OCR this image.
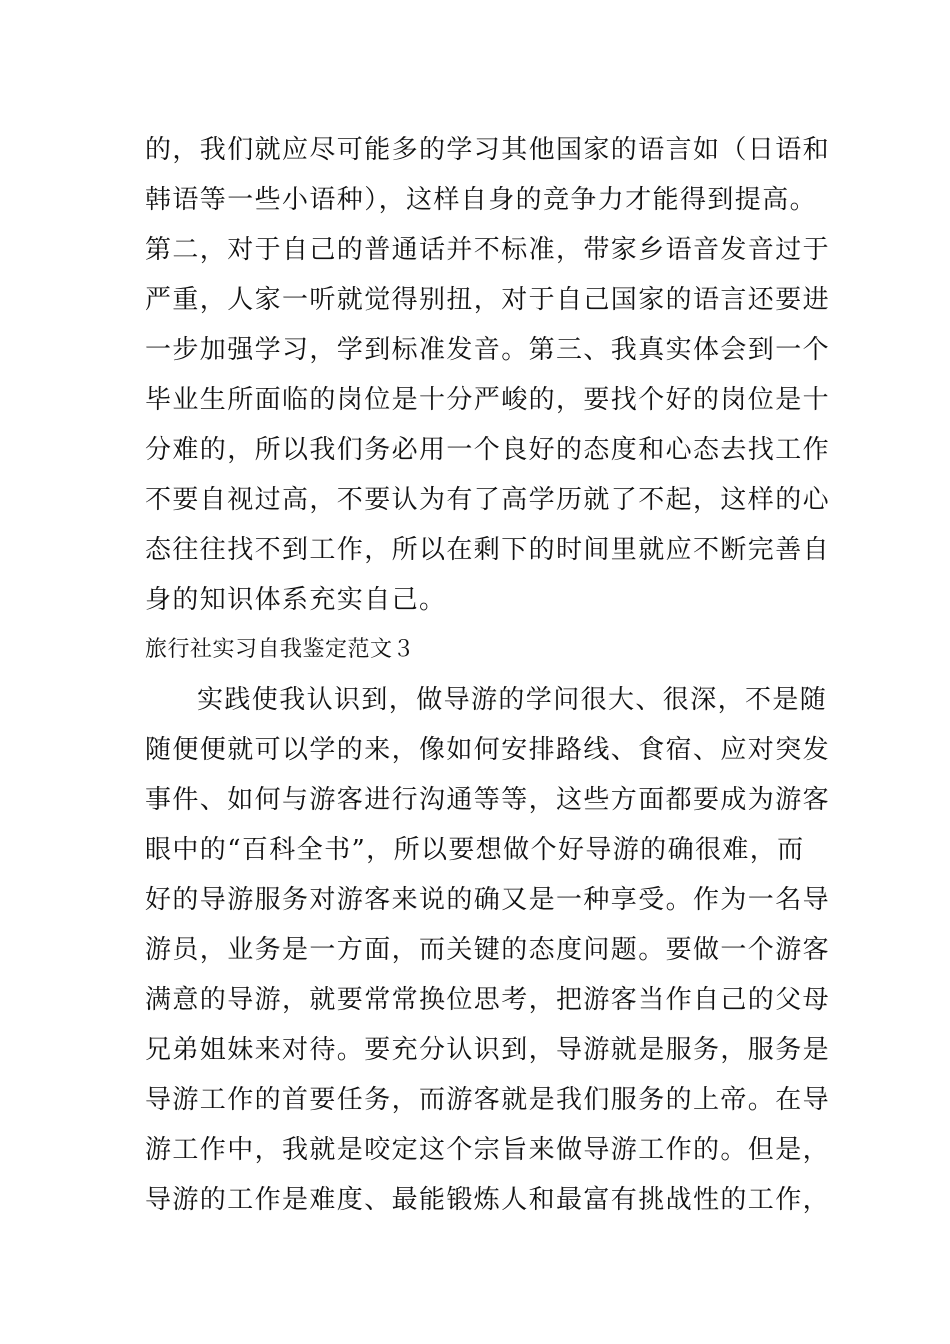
的，我们就应尽可能多的学习其他国家的语言如（日语和
韩语等一些小语种），这样自身的竞争力才能得到提高。
第二，对于自己的普通话并不标准，带家乡语音发音过于
严重，人家一听就觉得别扭，对于自己国家的语言还要进
一步加强学习，学到标准发音。第三、我真实体会到一个
毕业生所面临的岗位是十分严峻的，要找个好的岗位是十
分难的，所以我们务必用一个良好的态度和心态去找工作
不要自视过高，不要认为有了高学历就了不起，这样的心
态往往找不到工作，所以在剩下的时间里就应不断完善自
身的知识体系充实自己。
旅行社实习自我鉴定范文３
实践使我认识到，做导游的学问很大、很深，不是随
随便便就可以学的来，像如何安排路线、食宿、应对突发
事件、如何与游客进行沟通等等，这些方面都要成为游客
眼中的“百科全书”，所以要想做个好导游的确很难，而
好的导游服务对游客来说的确又是一种享受。作为一名导
游员，业务是一方面，而关键的态度问题。要做一个游客
满意的导游，就要常常换位思考，把游客当作自己的父母
兄弟姐妹来对待。要充分认识到，导游就是服务，服务是
导游工作的首要任务，而游客就是我们服务的上帝。在导
游工作中，我就是咬定这个宗旨来做导游工作的。但是，
导游的工作是难度、最能锻炼人和最富有挑战性的工作，
